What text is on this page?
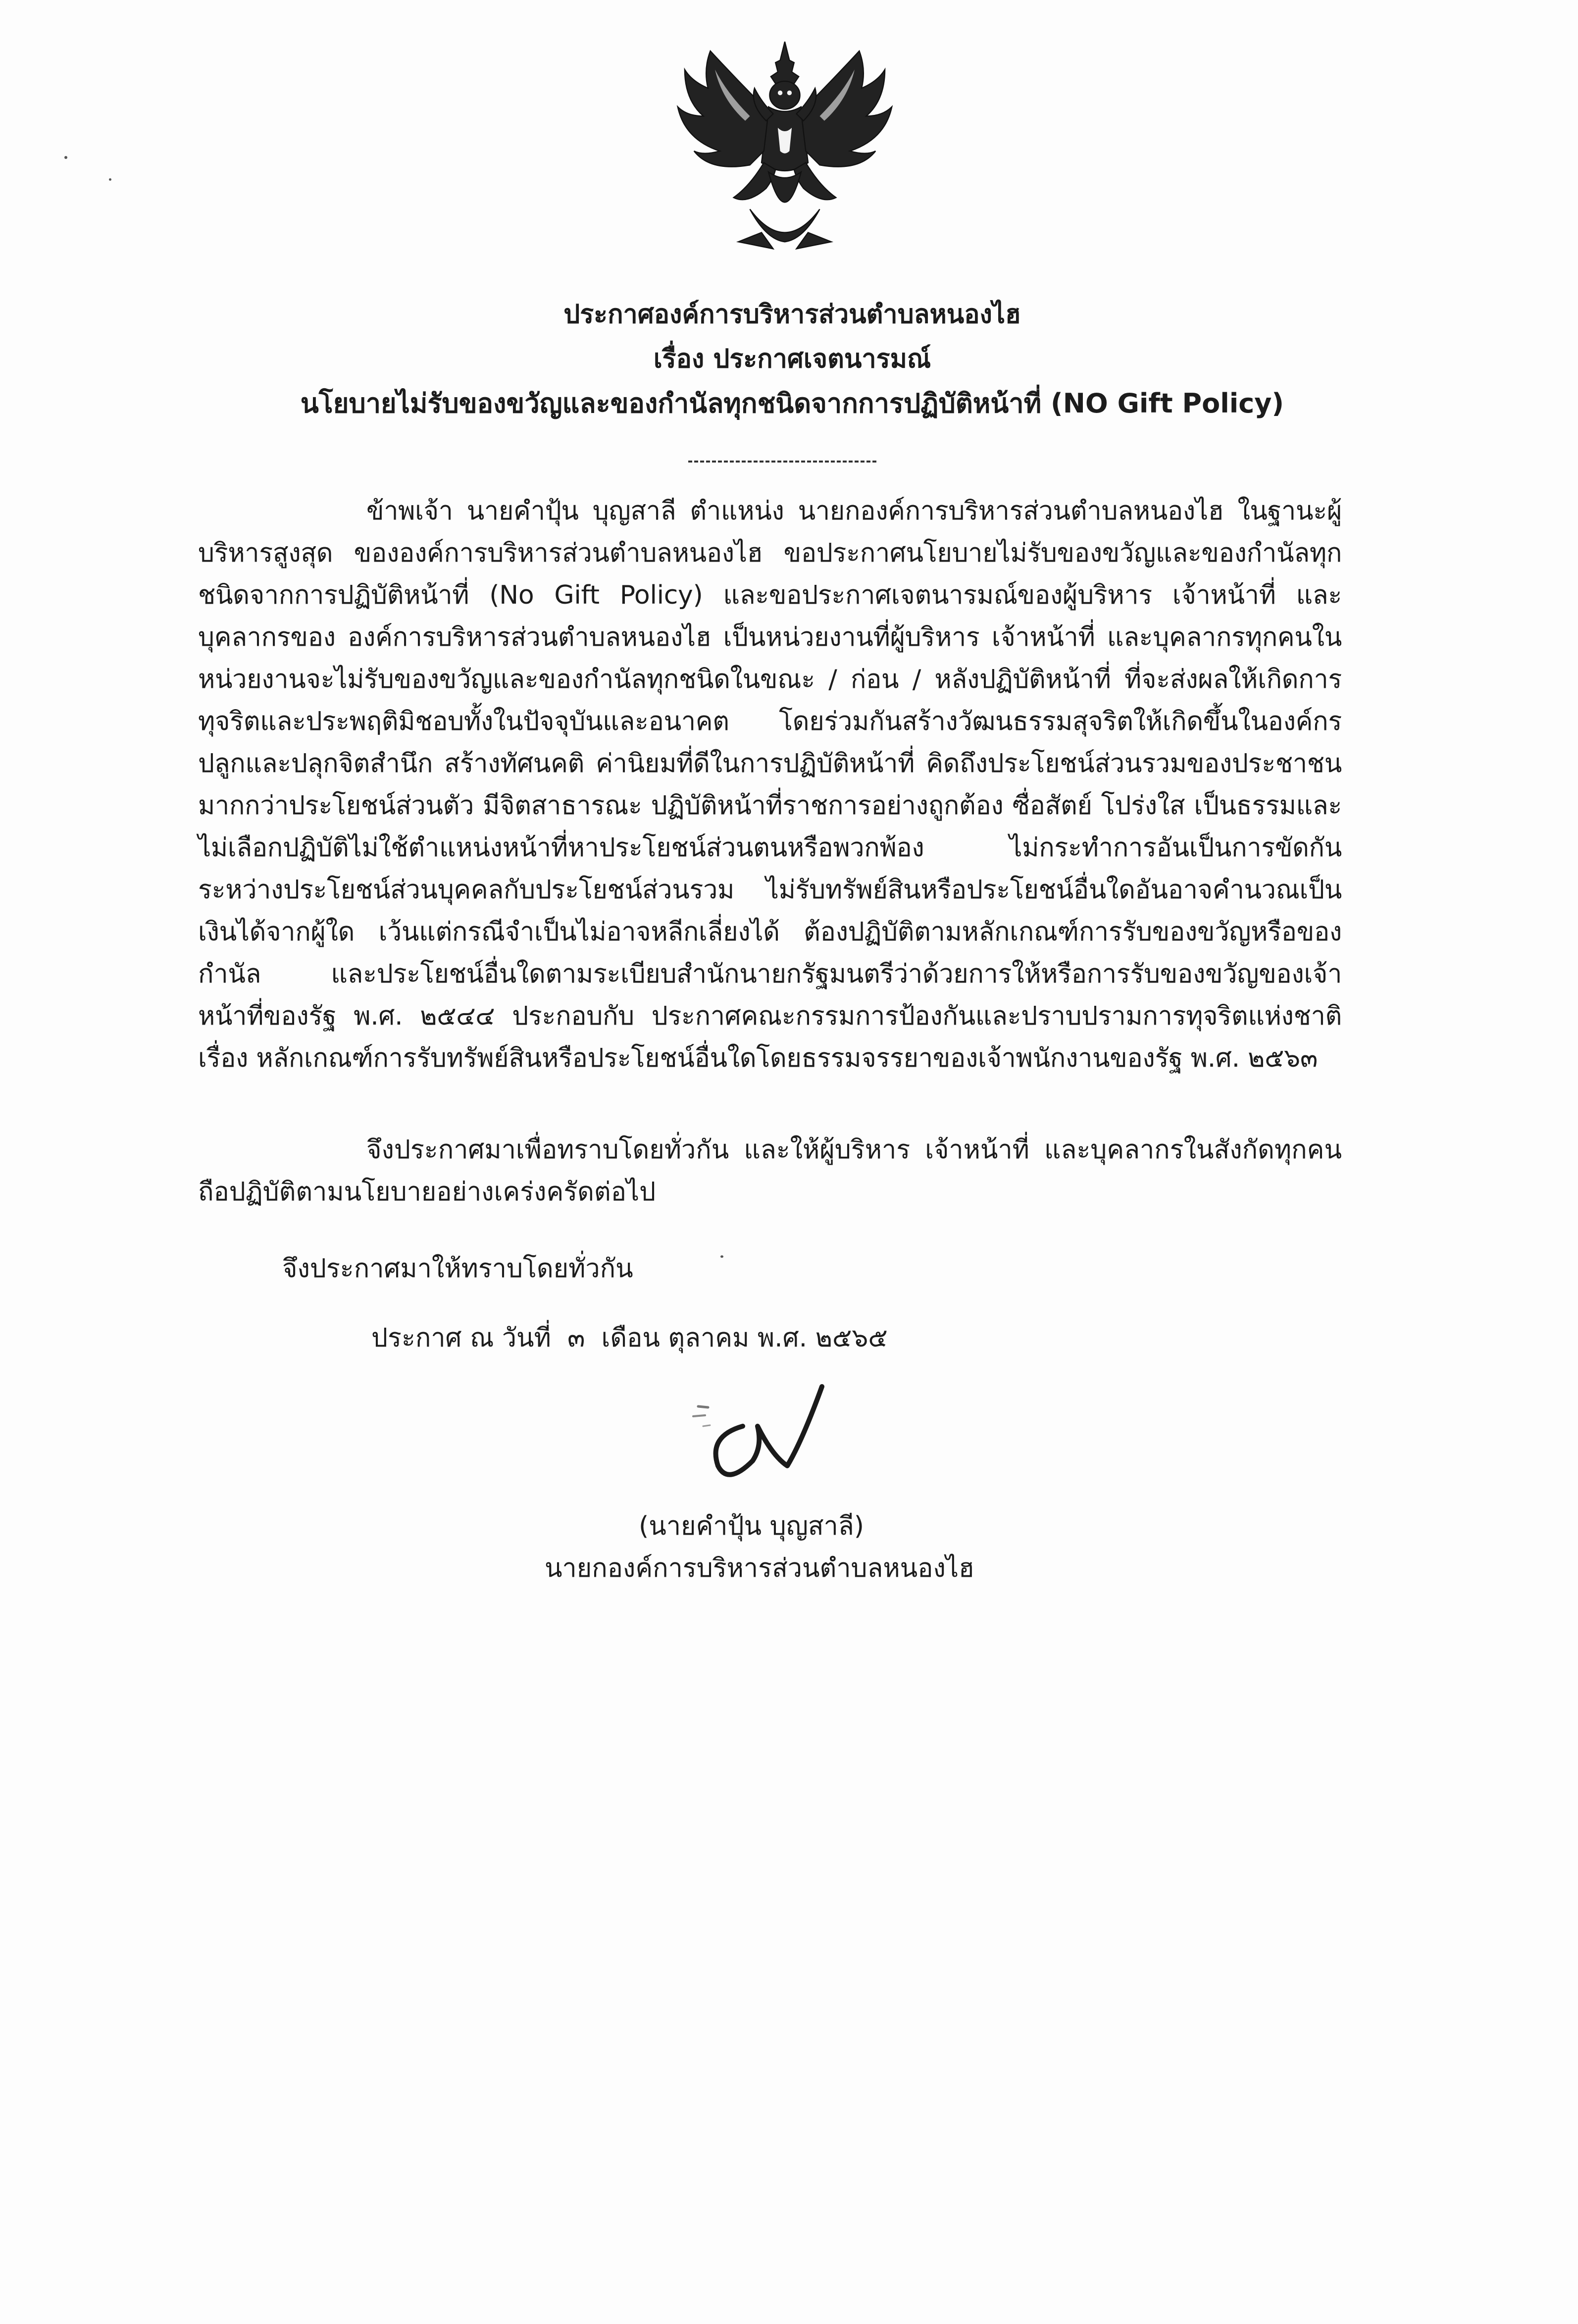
ประกาศองค์การบริหารส่วนตำบลหนองไฮ
เรื่อง ประกาศเจตนารมณ์
นโยบายไม่รับของขวัญและของกำนัลทุกชนิดจากการปฏิบัติหน้าที่ (NO Gift Policy)

ข้าพเจ้า นายคำปุ้น บุญสาลี ตำแหน่ง นายกองค์การบริหารส่วนตำบลหนองไฮ ในฐานะผู้บริหารสูงสุด ขององค์การบริหารส่วนตำบลหนองไฮ ขอประกาศนโยบายไม่รับของขวัญและของกำนัลทุกชนิดจากการปฏิบัติหน้าที่ (No Gift Policy) และขอประกาศเจตนารมณ์ของผู้บริหาร เจ้าหน้าที่ และบุคลากรของ องค์การบริหารส่วนตำบลหนองไฮ เป็นหน่วยงานที่ผู้บริหาร เจ้าหน้าที่ และบุคลากรทุกคนในหน่วยงานจะไม่รับของขวัญและของกำนัลทุกชนิดในขณะ / ก่อน / หลังปฏิบัติหน้าที่ ที่จะส่งผลให้เกิดการทุจริตและประพฤติมิชอบทั้งในปัจจุบันและอนาคต โดยร่วมกันสร้างวัฒนธรรมสุจริตให้เกิดขึ้นในองค์กรปลูกและปลุกจิตสำนึก สร้างทัศนคติ ค่านิยมที่ดีในการปฏิบัติหน้าที่ คิดถึงประโยชน์ส่วนรวมของประชาชนมากกว่าประโยชน์ส่วนตัว มีจิตสาธารณะ ปฏิบัติหน้าที่ราชการอย่างถูกต้อง ซื่อสัตย์ โปร่งใส เป็นธรรมและไม่เลือกปฏิบัติไม่ใช้ตำแหน่งหน้าที่หาประโยชน์ส่วนตนหรือพวกพ้อง ไม่กระทำการอันเป็นการขัดกันระหว่างประโยชน์ส่วนบุคคลกับประโยชน์ส่วนรวม ไม่รับทรัพย์สินหรือประโยชน์อื่นใดอันอาจคำนวณเป็นเงินได้จากผู้ใด เว้นแต่กรณีจำเป็นไม่อาจหลีกเลี่ยงได้ ต้องปฏิบัติตามหลักเกณฑ์การรับของขวัญหรือของกำนัล และประโยชน์อื่นใดตามระเบียบสำนักนายกรัฐมนตรีว่าด้วยการให้หรือการรับของขวัญของเจ้าหน้าที่ของรัฐ พ.ศ. ๒๕๔๔ ประกอบกับ ประกาศคณะกรรมการป้องกันและปราบปรามการทุจริตแห่งชาติ เรื่อง หลักเกณฑ์การรับทรัพย์สินหรือประโยชน์อื่นใดโดยธรรมจรรยาของเจ้าพนักงานของรัฐ พ.ศ. ๒๕๖๓

จึงประกาศมาเพื่อทราบโดยทั่วกัน และให้ผู้บริหาร เจ้าหน้าที่ และบุคลากรในสังกัดทุกคนถือปฏิบัติตามนโยบายอย่างเคร่งครัดต่อไป

จึงประกาศมาให้ทราบโดยทั่วกัน
ประกาศ ณ วันที่  ๓  เดือน ตุลาคม พ.ศ. ๒๕๖๕
(นายคำปุ้น บุญสาลี)
นายกองค์การบริหารส่วนตำบลหนองไฮ
